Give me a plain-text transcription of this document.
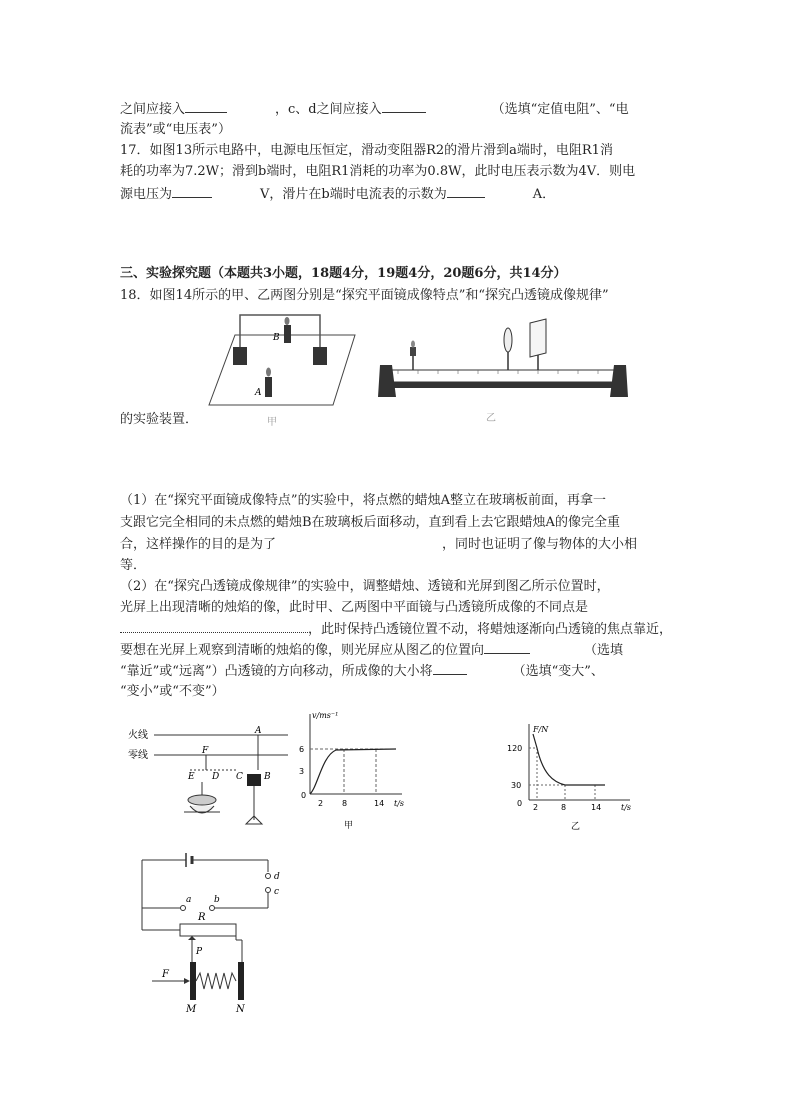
之间应接入	，c、d之间应接入	（选填“定值电阻”、“电
流表”或“电压表”）
17．如图13所示电路中，电源电压恒定，滑动变阻器R2的滑片滑到a端时，电阻R1消
耗的功率为7.2W；滑到b端时，电阻R1消耗的功率为0.8W，此时电压表示数为4V．则电
源电压为	V，滑片在b端时电流表的示数为	A．
三、实验探究题（本题共3小题，18题4分，19题4分，20题6分，共14分）
18．如图14所示的甲、乙两图分别是“探究平面镜成像特点”和“探究凸透镜成像规律”
B
A
甲	乙
的实验装置．
（1）在“探究平面镜成像特点”的实验中，将点燃的蜡烛A整立在玻璃板前面，再拿一
支跟它完全相同的未点燃的蜡烛B在玻璃板后面移动，直到看上去它跟蜡烛A的像完全重
合，这样操作的目的是为了	，同时也证明了像与物体的大小相
等．
（2）在“探究凸透镜成像规律”的实验中，调整蜡烛、透镜和光屏到图乙所示位置时，
光屏上出现清晰的烛焰的像，此时甲、乙两图中平面镜与凸透镜所成像的不同点是
，此时保持凸透镜位置不动，将蜡烛逐渐向凸透镜的焦点靠近，
要想在光屏上观察到清晰的烛焰的像，则光屏应从图乙的位置向	（选填
“靠近”或“远离”）凸透镜的方向移动，所成像的大小将	（选填“变大”、
“变小”或“不变”）
火线
零线
A
F
E D C B
v/ms⁻¹
t/s
6
3
0
2 8	14
甲
F/N
t/s
120
30
0 2	8	14
乙
d
c
a	b
R
P
F
M	N
